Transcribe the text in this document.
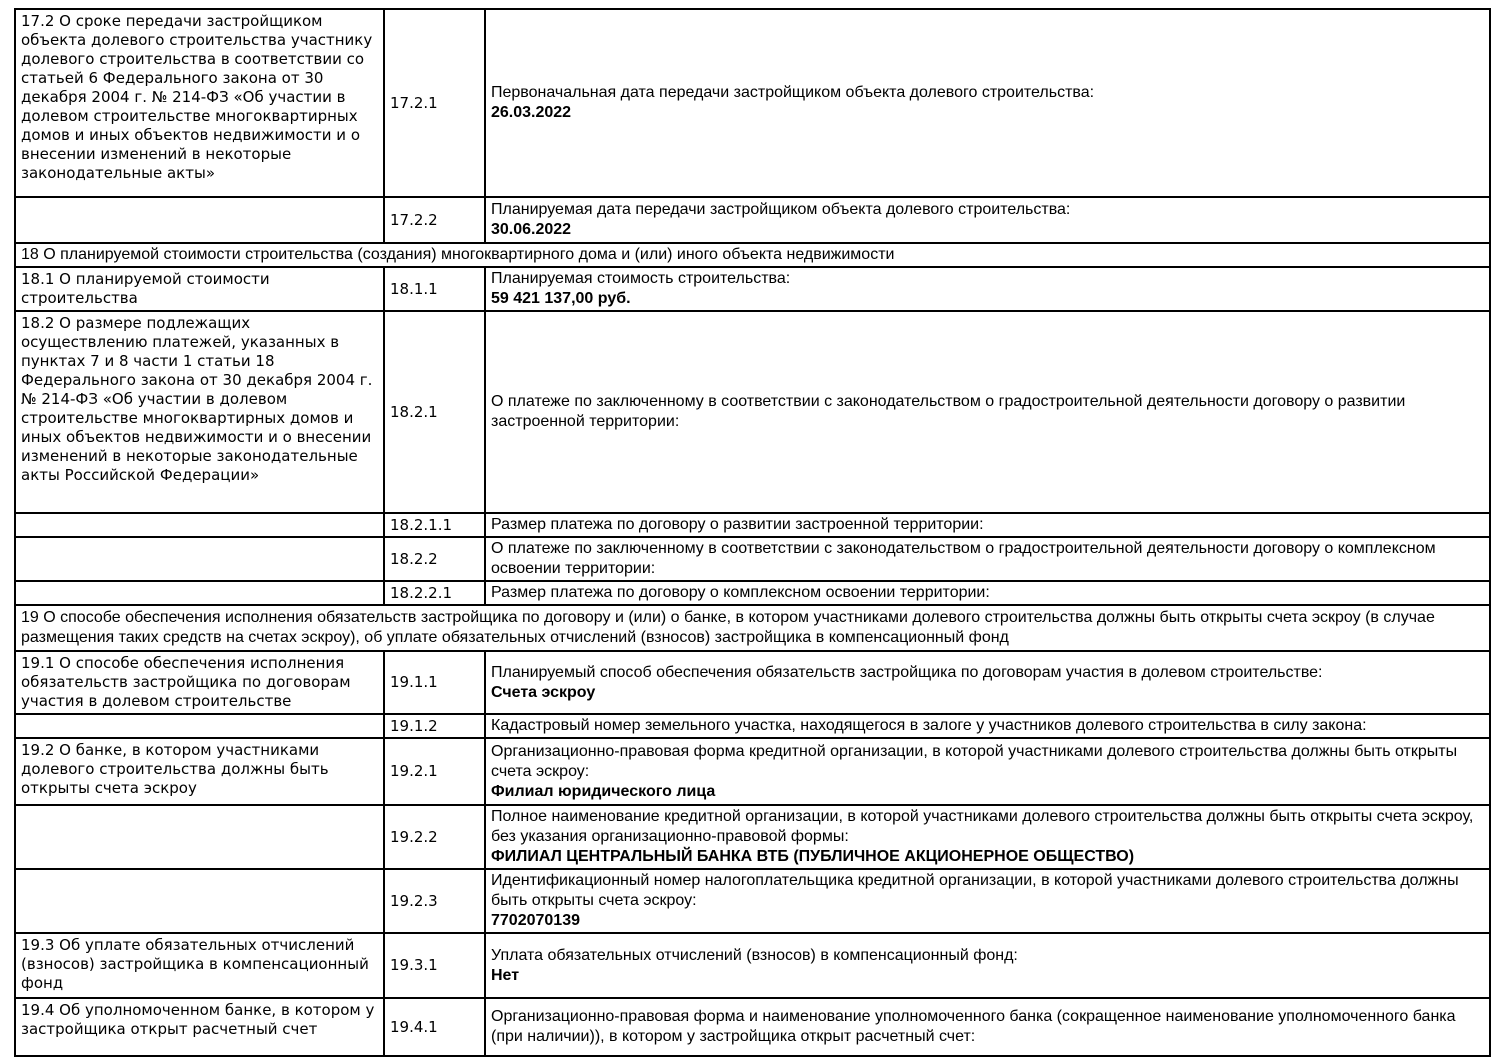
17.2 О сроке передачи застройщиком объекта долевого строительства участнику долевого строительства в соответствии со статьей 6 Федерального закона от 30 декабря 2004 г. № 214-ФЗ «Об участии в долевом строительстве многоквартирных домов и иных объектов недвижимости и о внесении изменений в некоторые законодательные акты»	17.2.1	Первоначальная дата передачи застройщиком объекта долевого строительства:
26.03.2022

	17.2.2	Планируемая дата передачи застройщиком объекта долевого строительства:
30.06.2022

18 О планируемой стоимости строительства (создания) многоквартирного дома и (или) иного объекта недвижимости		
18.1 О планируемой стоимости строительства	18.1.1	Планируемая стоимость строительства:
59 421 137,00 руб.

18.2 О размере подлежащих осуществлению платежей, указанных в пунктах 7 и 8 части 1 статьи 18 Федерального закона от 30 декабря 2004 г. № 214-ФЗ «Об участии в долевом строительстве многоквартирных домов и иных объектов недвижимости и о внесении изменений в некоторые законодательные акты Российской Федерации»	18.2.1	О платеже по заключенному в соответствии с законодательством о градостроительной деятельности договору о развитии застроенной территории:

	18.2.1.1	Размер платежа по договору о развитии застроенной территории:

	18.2.2	О платеже по заключенному в соответствии с законодательством о градостроительной деятельности договору о комплексном освоении территории:

	18.2.2.1	Размер платежа по договору о комплексном освоении территории:

19 О способе обеспечения исполнения обязательств застройщика по договору и (или) о банке, в котором участниками долевого строительства должны быть открыты счета эскроу (в случае размещения таких средств на счетах эскроу), об уплате обязательных отчислений (взносов) застройщика в компенсационный фонд		
19.1 О способе обеспечения исполнения обязательств застройщика по договорам участия в долевом строительстве	19.1.1	Планируемый способ обеспечения обязательств застройщика по договорам участия в долевом строительстве:
Счета эскроу

	19.1.2	Кадастровый номер земельного участка, находящегося в залоге у участников долевого строительства в силу закона:

19.2 О банке, в котором участниками долевого строительства должны быть открыты счета эскроу	19.2.1	Организационно-правовая форма кредитной организации, в которой участниками долевого строительства должны быть открыты счета эскроу:
Филиал юридического лица

	19.2.2	Полное наименование кредитной организации, в которой участниками долевого строительства должны быть открыты счета эскроу, без указания организационно-правовой формы:
ФИЛИАЛ ЦЕНТРАЛЬНЫЙ БАНКА ВТБ (ПУБЛИЧНОЕ АКЦИОНЕРНОЕ ОБЩЕСТВО)

	19.2.3	Идентификационный номер налогоплательщика кредитной организации, в которой участниками долевого строительства должны быть открыты счета эскроу:
7702070139

19.3 Об уплате обязательных отчислений (взносов) застройщика в компенсационный фонд	19.3.1	Уплата обязательных отчислений (взносов) в компенсационный фонд:
Нет

19.4 Об уполномоченном банке, в котором у застройщика открыт расчетный счет	19.4.1	Организационно-правовая форма и наименование уполномоченного банка (сокращенное наименование уполномоченного банка (при наличии)), в котором у застройщика открыт расчетный счет:
